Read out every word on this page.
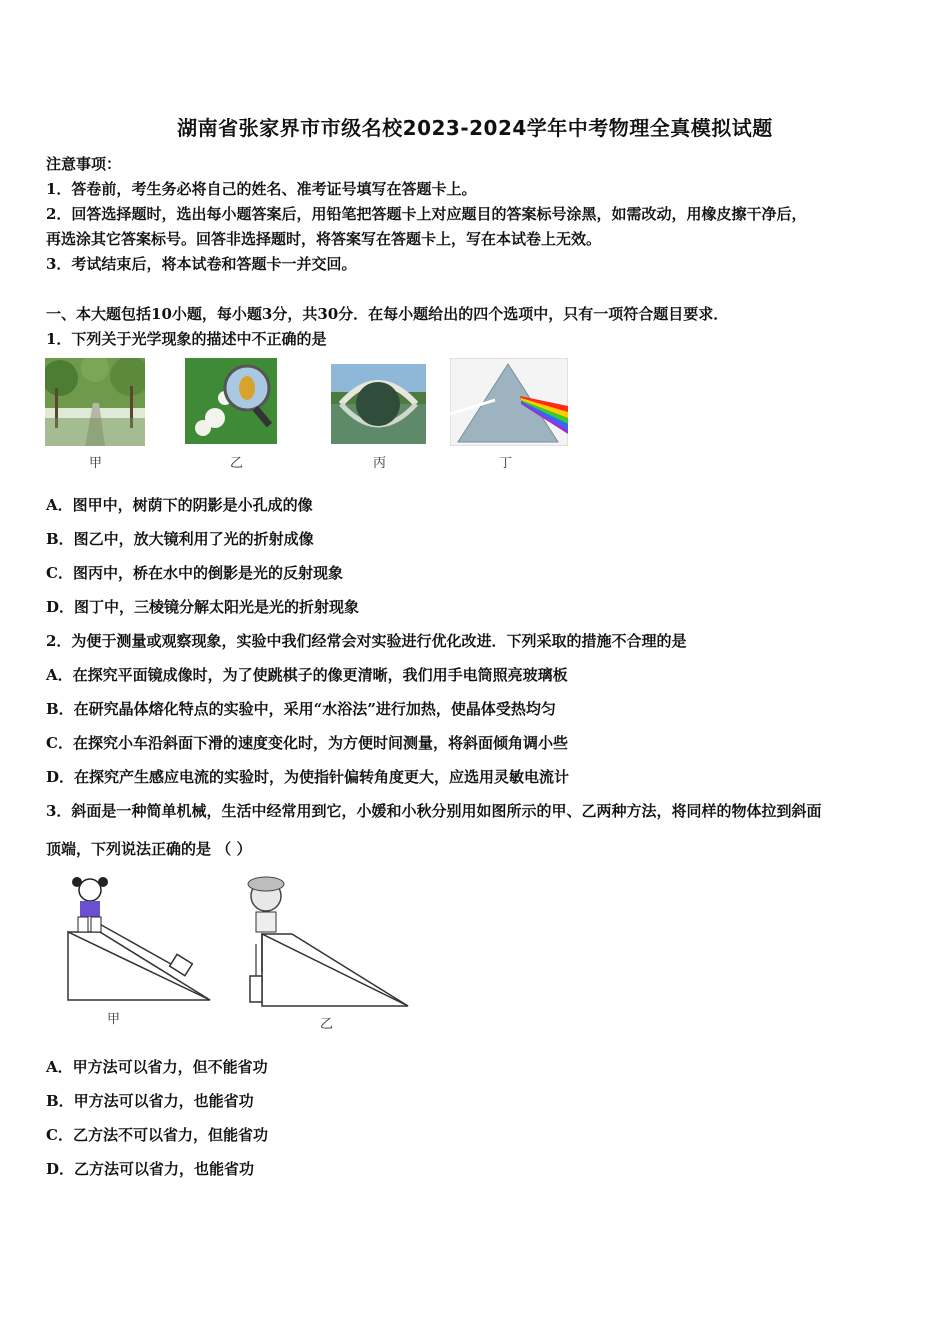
湖南省张家界市市级名校2023-2024学年中考物理全真模拟试题
注意事项：
1．答卷前，考生务必将自己的姓名、准考证号填写在答题卡上。
2．回答选择题时，选出每小题答案后，用铅笔把答题卡上对应题目的答案标号涂黑，如需改动，用橡皮擦干净后，
再选涂其它答案标号。回答非选择题时，将答案写在答题卡上，写在本试卷上无效。
3．考试结束后，将本试卷和答题卡一并交回。
一、本大题包括10小题，每小题3分，共30分．在每小题给出的四个选项中，只有一项符合题目要求．
1．下列关于光学现象的描述中不正确的是
甲	乙	丙	丁
A．图甲中，树荫下的阴影是小孔成的像
B．图乙中，放大镜利用了光的折射成像
C．图丙中，桥在水中的倒影是光的反射现象
D．图丁中，三棱镜分解太阳光是光的折射现象
2．为便于测量或观察现象，实验中我们经常会对实验进行优化改进．下列采取的措施不合理的是
A．在探究平面镜成像时，为了使跳棋子的像更清晰，我们用手电筒照亮玻璃板
B．在研究晶体熔化特点的实验中，采用“水浴法”进行加热，使晶体受热均匀
C．在探究小车沿斜面下滑的速度变化时，为方便时间测量，将斜面倾角调小些
D．在探究产生感应电流的实验时，为使指针偏转角度更大，应选用灵敏电流计
3．斜面是一种简单机械，生活中经常用到它，小媛和小秋分别用如图所示的甲、乙两种方法，将同样的物体拉到斜面
顶端，下列说法正确的是 （ ）
甲	乙
A．甲方法可以省力，但不能省功
B．甲方法可以省力，也能省功
C．乙方法不可以省力，但能省功
D．乙方法可以省力，也能省功
